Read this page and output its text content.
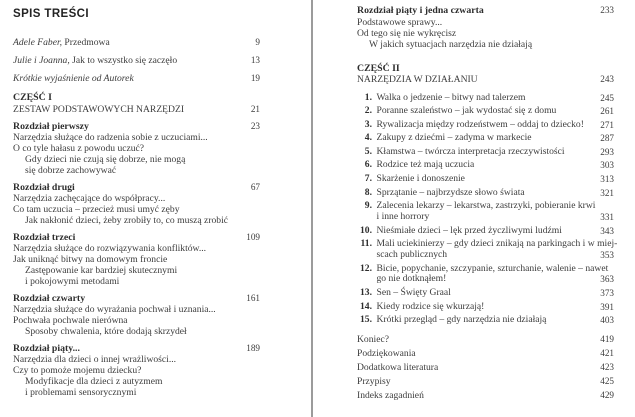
SPIS TREŚCI
Adele Faber, Przedmowa	9
Julie i Joanna, Jak to wszystko się zaczęło	13
Krótkie wyjaśnienie od Autorek	19
CZĘŚĆ I
ZESTAW PODSTAWOWYCH NARZĘDZI	21
Rozdział pierwszy	23
Narzędzia służące do radzenia sobie z uczuciami...
O co tyle hałasu z powodu uczuć?
Gdy dzieci nie czują się dobrze, nie mogą
się dobrze zachowywać
Rozdział drugi	67
Narzędzia zachęcające do współpracy...
Co tam uczucia – przecież musi umyć zęby
Jak nakłonić dzieci, żeby zrobiły to, co muszą zrobić
Rozdział trzeci	109
Narzędzia służące do rozwiązywania konfliktów...
Jak uniknąć bitwy na domowym froncie
Zastępowanie kar bardziej skutecznymi
i pokojowymi metodami
Rozdział czwarty	161
Narzędzia służące do wyrażania pochwał i uznania...
Pochwała pochwale nierówna
Sposoby chwalenia, które dodają skrzydeł
Rozdział piąty...	189
Narzędzia dla dzieci o innej wrażliwości...
Czy to pomoże mojemu dziecku?
Modyfikacje dla dzieci z autyzmem
i problemami sensorycznymi
Rozdział piąty i jedna czwarta	233
Podstawowe sprawy...
Od tego się nie wykręcisz
W jakich sytuacjach narzędzia nie działają
CZĘŚĆ II
NARZĘDZIA W DZIAŁANIU	243
1. Walka o jedzenie – bitwy nad talerzem	245
2. Poranne szaleństwo – jak wydostać się z domu	261
3. Rywalizacja między rodzeństwem – oddaj to dziecko!	271
4. Zakupy z dziećmi – zadyma w markecie	287
5. Kłamstwa – twórcza interpretacja rzeczywistości	293
6. Rodzice też mają uczucia	303
7. Skarżenie i donoszenie	313
8. Sprzątanie – najbrzydsze słowo świata	321
9. Zalecenia lekarzy – lekarstwa, zastrzyki, pobieranie krwi
i inne horrory	331
10. Nieśmiałe dzieci – lęk przed życzliwymi ludźmi	343
11. Mali uciekinierzy – gdy dzieci znikają na parkingach i w miej-
scach publicznych	353
12. Bicie, popychanie, szczypanie, szturchanie, walenie – nawet
go nie dotknąłem!	363
13. Sen – Święty Graal	373
14. Kiedy rodzice się wkurzają!	391
15. Krótki przegląd – gdy narzędzia nie działają	403
Koniec?	419
Podziękowania	421
Dodatkowa literatura	423
Przypisy	425
Indeks zagadnień	429
